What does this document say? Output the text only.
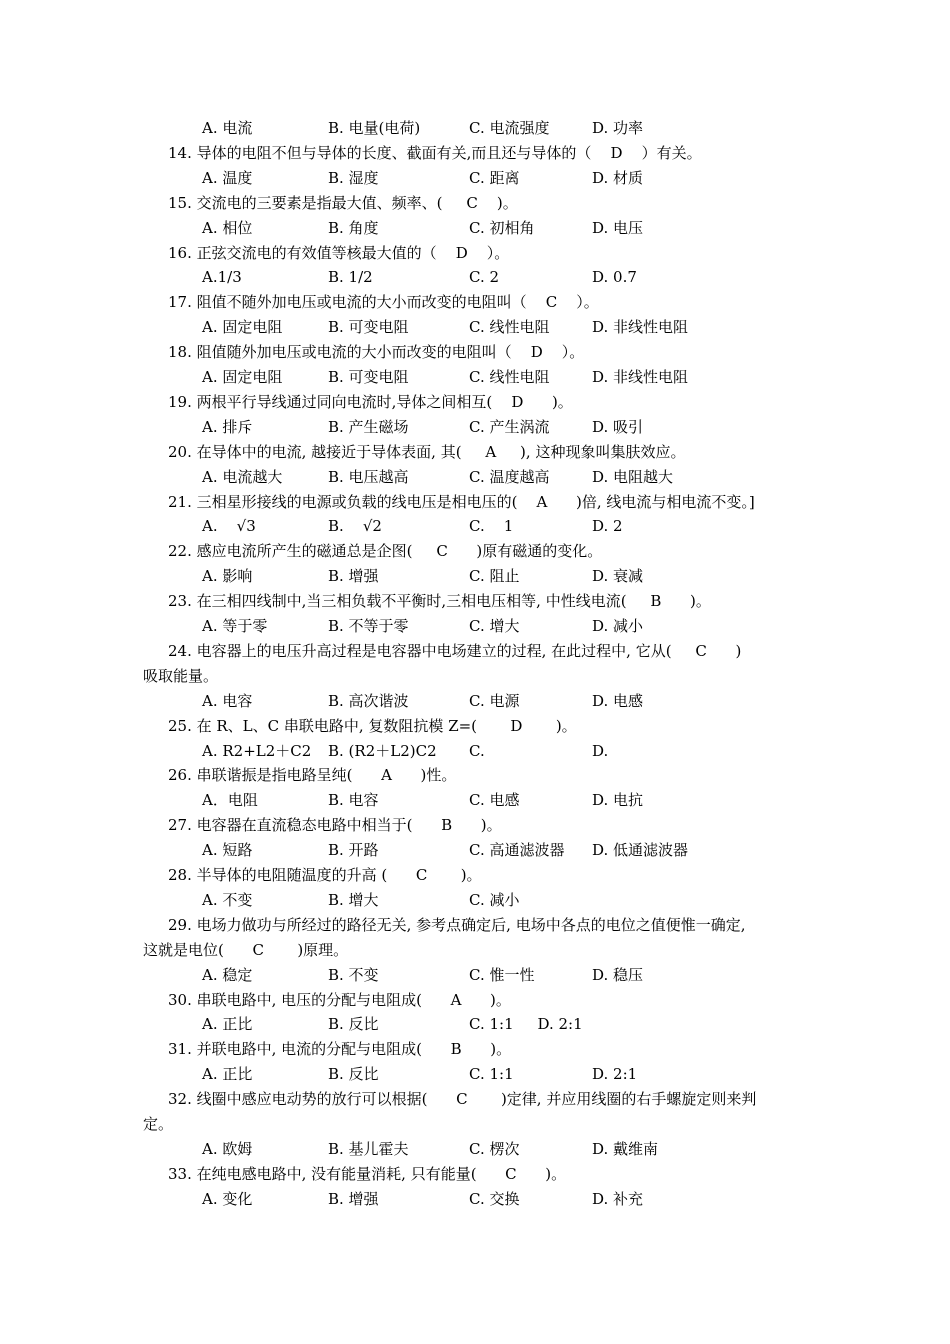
A. 电流	B. 电量(电荷)	C. 电流强度	D. 功率
14. 导体的电阻不但与导体的长度、截面有关,而且还与导体的（    D    ）有关。
A. 温度	B. 湿度	C. 距离	D. 材质
15. 交流电的三要素是指最大值、频率、(     C    )。
A. 相位	B. 角度	C. 初相角	D. 电压
16. 正弦交流电的有效值等核最大值的（    D    ）。
A.1/3	B. 1/2	C. 2	D. 0.7
17. 阻值不随外加电压或电流的大小而改变的电阻叫（    C    ）。
A. 固定电阻	B. 可变电阻	C. 线性电阻	D. 非线性电阻
18. 阻值随外加电压或电流的大小而改变的电阻叫（    D    ）。
A. 固定电阻	B. 可变电阻	C. 线性电阻	D. 非线性电阻
19. 两根平行导线通过同向电流时,导体之间相互(    D      )。
A. 排斥	B. 产生磁场	C. 产生涡流	D. 吸引
20. 在导体中的电流, 越接近于导体表面, 其(     A     ), 这种现象叫集肤效应。
A. 电流越大	B. 电压越高	C. 温度越高	D. 电阻越大
21. 三相星形接线的电源或负载的线电压是相电压的(    A      )倍, 线电流与相电流不变。]
A.    √3	B.    √2	C.    1	D. 2
22. 感应电流所产生的磁通总是企图(     C      )原有磁通的变化。
A. 影响	B. 增强	C. 阻止	D. 衰减
23. 在三相四线制中,当三相负载不平衡时,三相电压相等, 中性线电流(     B      )。
A. 等于零	B. 不等于零	C. 增大	D. 减小
24. 电容器上的电压升高过程是电容器中电场建立的过程, 在此过程中, 它从(     C      )
吸取能量。
A. 电容	B. 高次谐波	C. 电源	D. 电感
25. 在 R、L、C 串联电路中, 复数阻抗模 Z=(       D       )。
A. R2+L2＋C2 B. (R2＋L2)C2 C.	D.
26. 串联谐振是指电路呈纯(      A      )性。
A．电阻	B. 电容	C. 电感	D. 电抗
27. 电容器在直流稳态电路中相当于(      B      )。
A. 短路	B. 开路	C. 高通滤波器 D. 低通滤波器
28. 半导体的电阻随温度的升高 (      C       )。
A. 不变	B. 增大	C. 减小
29. 电场力做功与所经过的路径无关, 参考点确定后, 电场中各点的电位之值便惟一确定,
这就是电位(      C       )原理。
A. 稳定	B. 不变	C. 惟一性	D. 稳压
30. 串联电路中, 电压的分配与电阻成(      A      )。
A. 正比	B. 反比	C. 1:1     D. 2:1
31. 并联电路中, 电流的分配与电阻成(      B      )。
A. 正比	B. 反比	C. 1:1	D. 2:1
32. 线圈中感应电动势的放行可以根据(      C       )定律, 并应用线圈的右手螺旋定则来判
定。
A. 欧姆	B. 基儿霍夫	C. 楞次	D. 戴维南
33. 在纯电感电路中, 没有能量消耗, 只有能量(      C      )。
A. 变化	B. 增强	C. 交换	D. 补充
